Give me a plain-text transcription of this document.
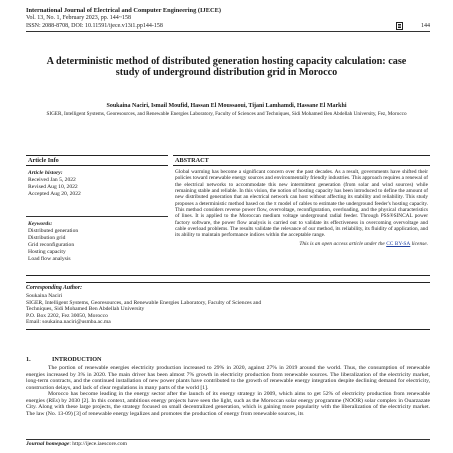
International Journal of Electrical and Computer Engineering (IJECE)
Vol. 13, No. 1, February 2023, pp. 144~158
ISSN: 2088-8708, DOI: 10.11591/ijece.v13i1.pp144-158	144
A deterministic method of distributed generation hosting capacity calculation: case study of underground distribution grid in Morocco
Soukaina Naciri, Ismail Moufid, Hassan El Moussaoui, Tijani Lamhamdi, Hassane El Markhi
SIGER, Intelligent Systems, Georesources, and Renewable Energies Laboratory, Faculty of Sciences and Techniques, Sidi Mohamed Ben Abdellah University, Fez, Morocco
Article Info
Article history:
Received Jan 5, 2022
Revised Aug 10, 2022
Accepted Aug 20, 2022
Keywords:
Distributed generation
Distribution grid
Grid reconfiguration
Hosting capacity
Load flow analysis
ABSTRACT
Global warming has become a significant concern over the past decades. As a result, governments have shifted their policies toward renewable energy sources and environmentally friendly industries. This approach requires a renewal of the electrical networks to accommodate this new intermittent generation (from solar and wind sources) while remaining stable and reliable. In this vision, the notion of hosting capacity has been introduced to define the amount of new distributed generation that an electrical network can host without affecting its stability and reliability. This study proposes a deterministic method based on the π model of cables to estimate the underground feeder's hosting capacity. This method considers reverse power flow, overvoltage, reconfiguration, overloading, and the physical characteristics of lines. It is applied to the Moroccan medium voltage underground radial feeder. Through PSS®SINCAL power factory software, the power flow analysis is carried out to validate its effectiveness in overcoming overvoltage and cable overload problems. The results validate the relevance of our method, its reliability, its fluidity of application, and its ability to maintain performance indices within the acceptable range.
This is an open access article under the CC BY-SA license.
Corresponding Author:
Soukaina Naciri
SIGER, Intelligent Systems, Georesources, and Renewable Energies Laboratory, Faculty of Sciences and
Techniques, Sidi Mohamed Ben Abdellah University
P.O. Box 2202, Fez 30050, Morocco
Email: soukaina.naciri@usmba.ac.ma
1.	INTRODUCTION

The portion of renewable energies electricity production increased to 29% in 2020, against 27% in 2019 around the world. Thus, the consumption of renewable energies increased by 3% in 2020. The main driver has been almost 7% growth in electricity production from renewable sources. The liberalization of the electricity market, long-term contracts, and the continued installation of new power plants have contributed to the growth of renewable energy integration despite declining demand for electricity, construction delays, and lack of clear regulations in many parts of the world [1].

Morocco has become leading in the energy sector after the launch of its energy strategy in 2009, which aims to get 52% of electricity production from renewable energies (REs) by 2030 [2]. In this context, ambitious energy projects have seen the light, such as the Moroccan solar energy programme (NOOR) solar complex in Ouarzazate City. Along with these large projects, the strategy focused on small decentralized generation, which is gaining more popularity with the liberalization of the electricity market. The law (No. 13-09) [3] of renewable energy legalizes and promotes the production of energy from renewable sources, its

Journal homepage: http://ijece.iaescore.com
